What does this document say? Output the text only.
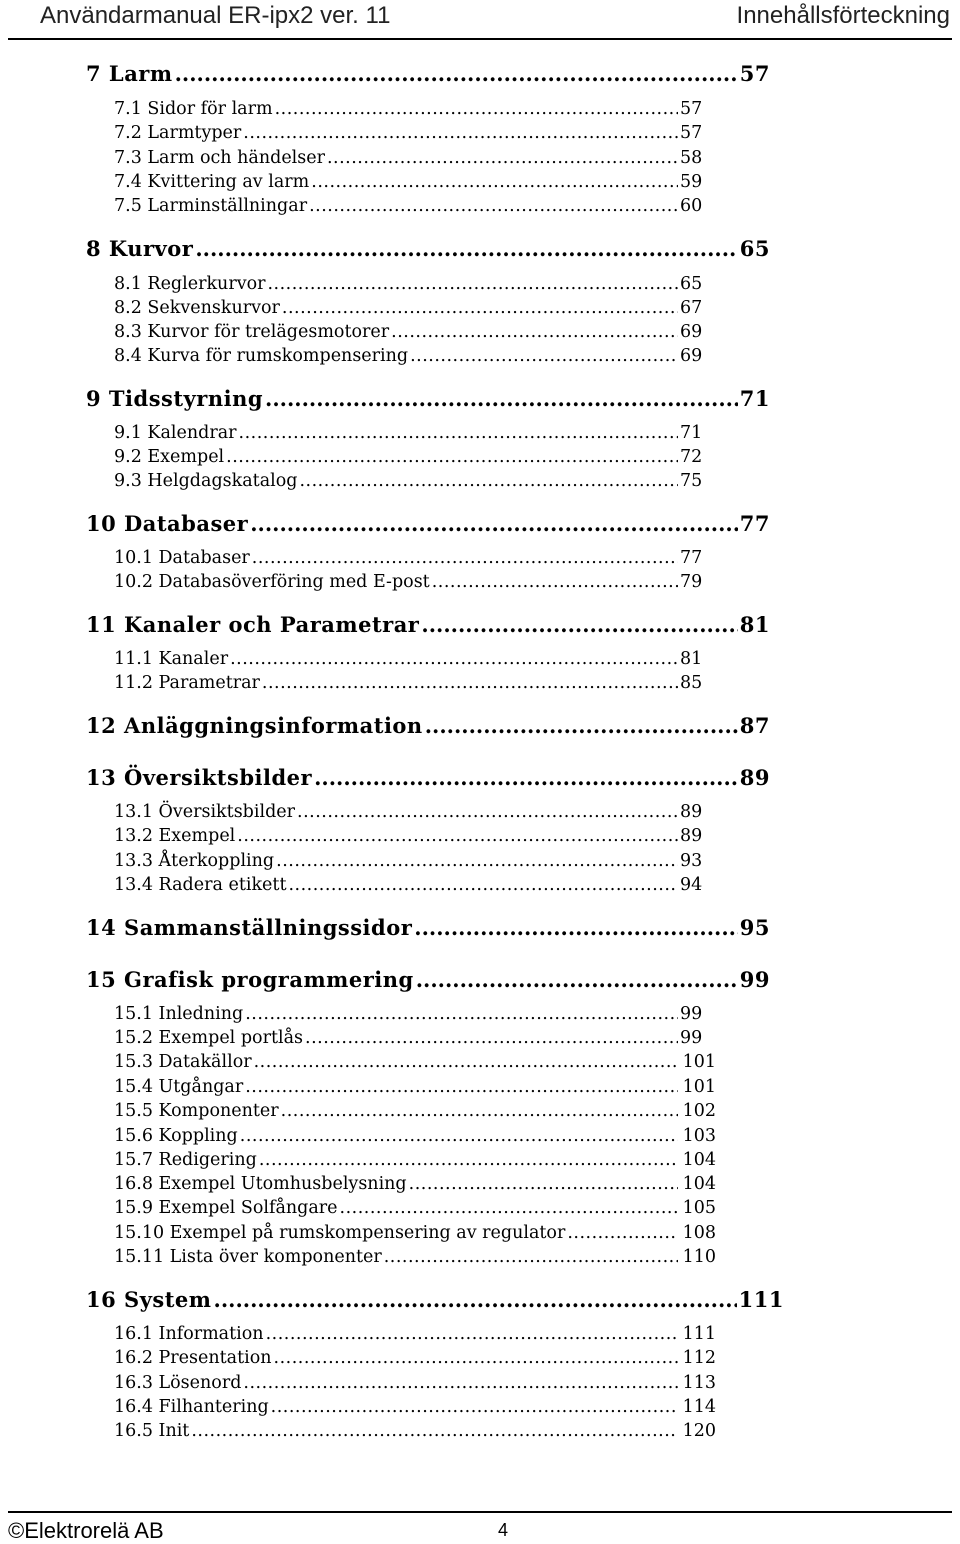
Användarmanual ER-ipx2 ver. 11	Innehållsförteckning
7 Larm .....	57
7.1 Sidor för larm .....	57
7.2 Larmtyper .....	57
7.3 Larm och händelser .....	58
7.4 Kvittering av larm .....	59
7.5 Larminställningar .....	60
8 Kurvor .....	65
8.1 Reglerkurvor .....	65
8.2 Sekvenskurvor .....	67
8.3 Kurvor för trelägesmotorer .....	69
8.4 Kurva för rumskompensering .....	69
9 Tidsstyrning .....	71
9.1 Kalendrar .....	71
9.2 Exempel .....	72
9.3 Helgdagskatalog .....	75
10 Databaser .....	77
10.1 Databaser .....	77
10.2 Databasöverföring med E-post .....	79
11 Kanaler och Parametrar .....	81
11.1 Kanaler .....	81
11.2 Parametrar .....	85
12 Anläggningsinformation .....	87
13 Översiktsbilder .....	89
13.1 Översiktsbilder .....	89
13.2 Exempel .....	89
13.3 Återkoppling .....	93
13.4 Radera etikett .....	94
14 Sammanställningssidor .....	95
15 Grafisk programmering .....	99
15.1 Inledning .....	99
15.2 Exempel portlås .....	99
15.3 Datakällor .....	101
15.4 Utgångar .....	101
15.5 Komponenter .....	102
15.6 Koppling .....	103
15.7 Redigering .....	104
16.8 Exempel Utomhusbelysning .....	104
15.9 Exempel Solfångare .....	105
15.10 Exempel på rumskompensering av regulator .....	108
15.11 Lista över komponenter .....	110
16 System .....	111
16.1 Information .....	111
16.2 Presentation .....	112
16.3 Lösenord .....	113
16.4 Filhantering .....	114
16.5 Init .....	120
©Elektrorelä AB	4
